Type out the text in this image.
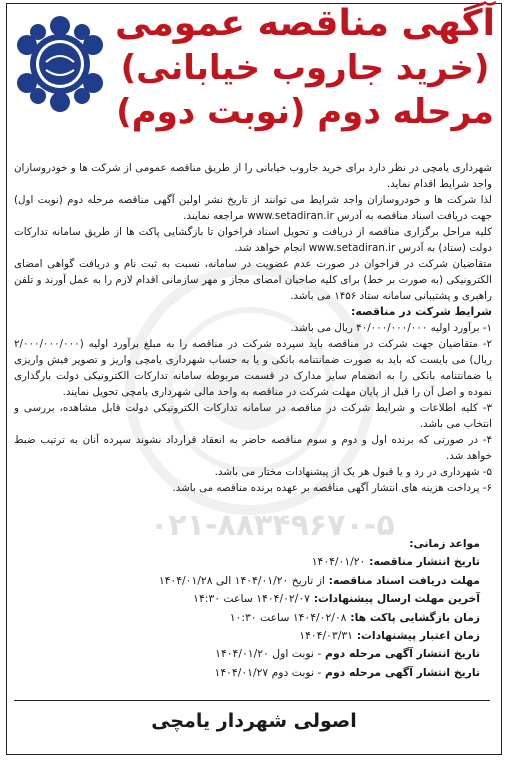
۰۲۱-۸۸۳۴۹۶۷۰-۵
آگهی مناقصه عمومی
(خرید جاروب خیابانی)
مرحله دوم (نوبت دوم)

شهرداری یامچی در نظر دارد برای خرید جاروب خیابانی را از طریق مناقصه عمومی از شرکت ها و خودروسازان واجد شرایط اقدام نماید.

لذا شرکت ها و خودروسازان واجد شرایط می توانند از تاریخ نشر اولین آگهی مناقصه مرحله دوم (نوبت اول) جهت دریافت اسناد مناقصه به آدرس www.setadiran.ir مراجعه نمایند.

کلیه مراحل برگزاری مناقصه از دریافت و تحویل اسناد فراخوان تا بازگشایی پاکت ها از طریق سامانه تدارکات دولت (ستاد) به آدرس www.setadiran.ir انجام خواهد شد.

متقاضیان شرکت در فراخوان در صورت عدم عضویت در سامانه، نسبت به ثبت نام و دریافت گواهی امضای الکترونیکی (به صورت بر خط) برای کلیه صاحبان امضای مجاز و مهر سازمانی اقدام لازم را به عمل آورند و تلفن راهبری و پشتیبانی سامانه ستاد ۱۴۵۶ می باشد.

شرایط شرکت در مناقصه:

۱- برآورد اولیه ۴۰/۰۰۰/۰۰۰/۰۰۰ ریال می باشد.

۲- متقاضیان جهت شرکت در مناقصه باید سپرده شرکت در مناقصه را به مبلغ برآورد اولیه (۲/۰۰۰/۰۰۰/۰۰۰ ریال) می بایست که باید به صورت ضمانتنامه بانکی و یا به حساب شهرداری یامچی واریز و تصویر فیش واریزی یا ضمانتنامه بانکی را به انضمام سایر مدارک در قسمت مربوطه سامانه تدارکات الکترونیکی دولت بارگذاری نموده و اصل آن را قبل از پایان مهلت شرکت در مناقصه به واحد مالی شهرداری یامچی تحویل نمایند.

۳- کلیه اطلاعات و شرایط شرکت در مناقصه در سامانه تدارکات الکترونیکی دولت قابل مشاهده، بررسی و انتخاب می باشد.

۴- در صورتی که برنده اول و دوم و سوم مناقصه حاضر به انعقاد قرارداد نشوند سپرده آنان به ترتیب ضبط خواهد شد.

۵- شهرداری در رد و یا قبول هر یک از پیشنهادات مختار می باشد.

۶- پرداخت هزینه های انتشار آگهی مناقصه بر عهده برنده مناقصه می باشد.

مواعد زمانی:
تاریخ انتشار مناقصه: ۱۴۰۴/۰۱/۲۰
مهلت دریافت اسناد مناقصه: از تاریخ ۱۴۰۴/۰۱/۲۰ الی ۱۴۰۴/۰۱/۲۸
آخرین مهلت ارسال پیشنهادات: ۱۴۰۴/۰۲/۰۷ ساعت ۱۴:۳۰
زمان بازگشایی پاکت ها: ۱۴۰۴/۰۲/۰۸ ساعت ۱۰:۳۰
زمان اعتبار پیشنهادات: ۱۴۰۴/۰۳/۳۱
تاریخ انتشار آگهی مرحله دوم - نوبت اول ۱۴۰۴/۰۱/۲۰
تاریخ انتشار آگهی مرحله دوم - نوبت دوم ۱۴۰۴/۰۱/۲۷
اصولی شهردار یامچی
